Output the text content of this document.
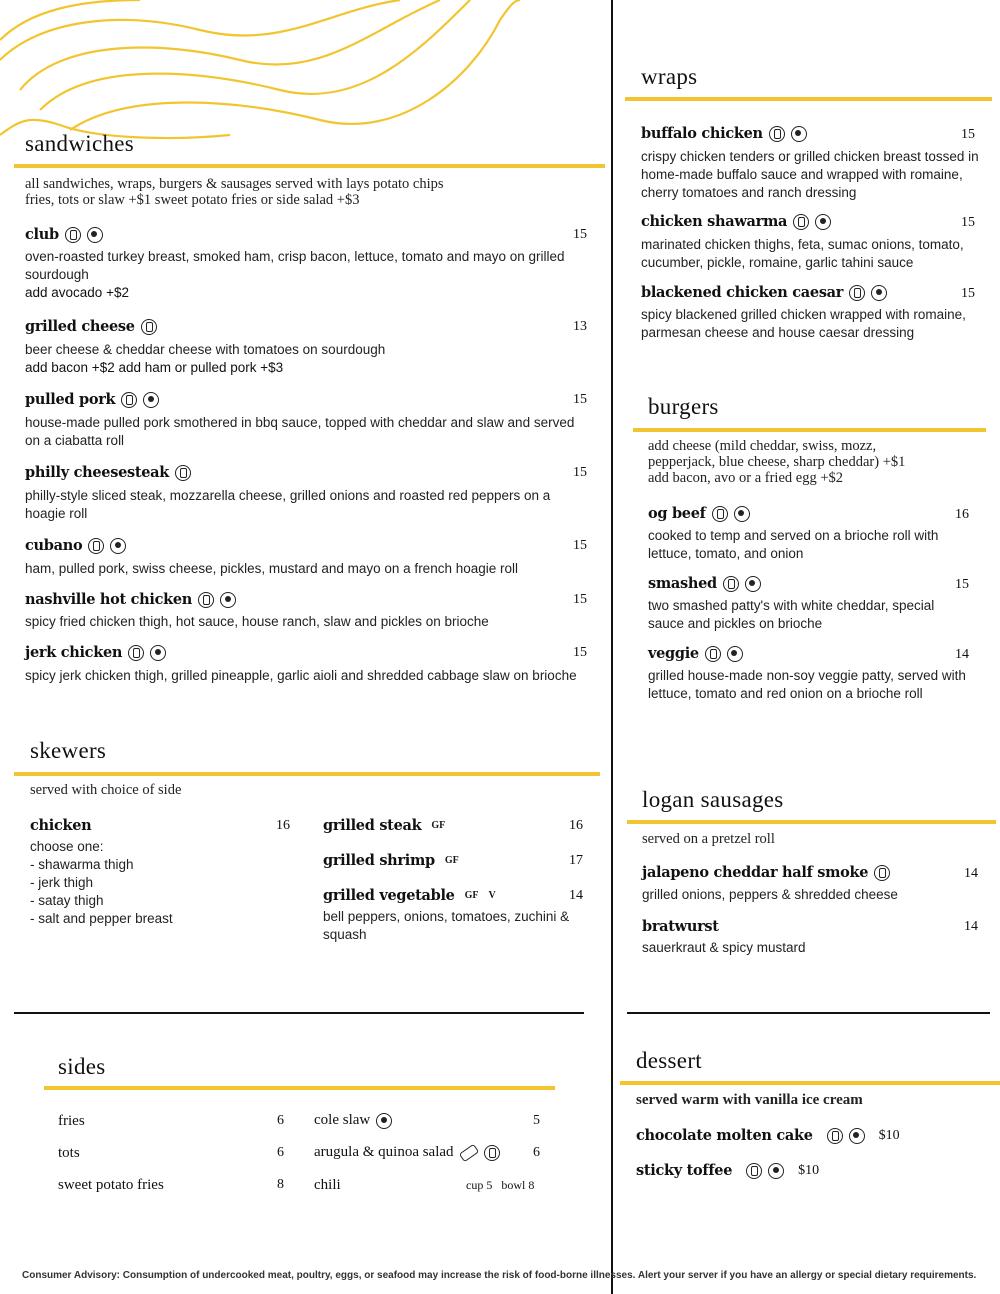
sandwiches
all sandwiches, wraps, burgers & sausages served with lays potato chips
fries, tots or slaw +$1 sweet potato fries or side salad +$3
club	15
oven-roasted turkey breast, smoked ham, crisp bacon, lettuce, tomato and mayo on grilled sourdough
add avocado +$2
grilled cheese	13
beer cheese & cheddar cheese with tomatoes on sourdough
add bacon +$2 add ham or pulled pork +$3
pulled pork	15
house-made pulled pork smothered in bbq sauce, topped with cheddar and slaw and served on a ciabatta roll
philly cheesesteak	15
philly-style sliced steak, mozzarella cheese, grilled onions and roasted red peppers on a hoagie roll
cubano	15
ham, pulled pork, swiss cheese, pickles, mustard and mayo on a french hoagie roll
nashville hot chicken	15
spicy fried chicken thigh, hot sauce, house ranch, slaw and pickles on brioche
jerk chicken	15
spicy jerk chicken thigh, grilled pineapple, garlic aioli and shredded cabbage slaw on brioche
skewers
served with choice of side
chicken	16
choose one:
- shawarma thigh
- jerk thigh
- satay thigh
- salt and pepper breast
grilled steak GF	16
grilled shrimp GF	17
grilled vegetable GF V	14
bell peppers, onions, tomatoes, zuchini & squash
sides
fries	6
tots	6
sweet potato fries	8
cole slaw	5
arugula & quinoa salad	6
chili	cup 5   bowl 8
wraps
buffalo chicken	15
crispy chicken tenders or grilled chicken breast tossed in home-made buffalo sauce and wrapped with romaine, cherry tomatoes and ranch dressing
chicken shawarma	15
marinated chicken thighs, feta, sumac onions, tomato, cucumber, pickle, romaine, garlic tahini sauce
blackened chicken caesar	15
spicy blackened grilled chicken wrapped with romaine, parmesan cheese and house caesar dressing
burgers
add cheese (mild cheddar, swiss, mozz,
pepperjack, blue cheese, sharp cheddar) +$1
add bacon, avo or a fried egg +$2
og beef	16
cooked to temp and served on a brioche roll with lettuce, tomato, and onion
smashed	15
two smashed patty's with white cheddar, special sauce and pickles on brioche
veggie	14
grilled house-made non-soy veggie patty, served with lettuce, tomato and red onion on a brioche roll
logan sausages
served on a pretzel roll
jalapeno cheddar half smoke	14
grilled onions, peppers & shredded cheese
bratwurst	14
sauerkraut & spicy mustard
dessert
served warm with vanilla ice cream
chocolate molten cake	$10
sticky toffee	$10
Consumer Advisory: Consumption of undercooked meat, poultry, eggs, or seafood may increase the risk of food-borne illnesses. Alert your server if you have an allergy or special dietary requirements.
